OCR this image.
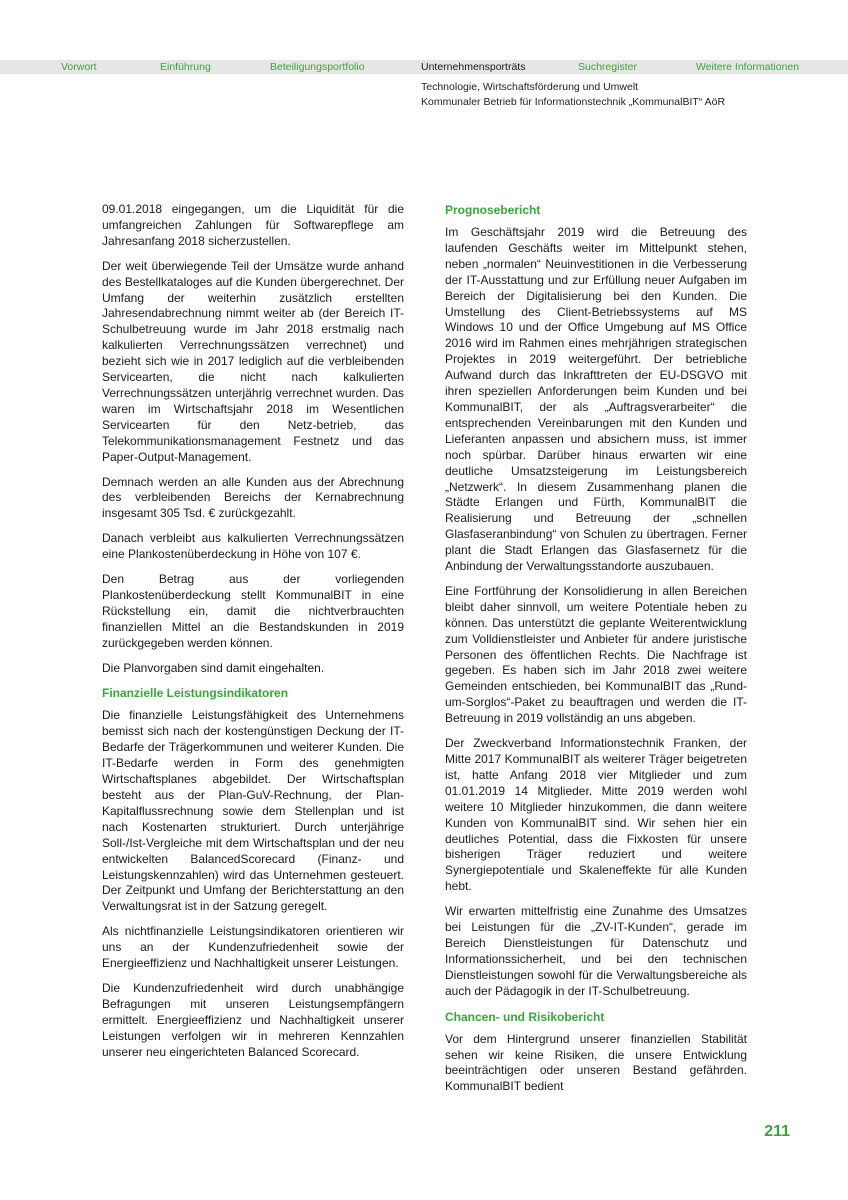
Vorwort	Einführung	Beteiligungsportfolio	Unternehmensporträts	Suchregister	Weitere Informationen
Technologie, Wirtschaftsförderung und Umwelt
Kommunaler Betrieb für Informationstechnik „KommunalBIT“ AöR

09.01.2018 eingegangen, um die Liquidität für die umfangreichen Zahlungen für Softwarepflege am Jahresanfang 2018 sicherzustellen.

Der weit überwiegende Teil der Umsätze wurde anhand des Bestellkataloges auf die Kunden übergerechnet. Der Umfang der weiterhin zusätzlich erstellten Jahresendabrechnung nimmt weiter ab (der Bereich IT-Schulbetreuung wurde im Jahr 2018 erstmalig nach kalkulierten Verrechnungssätzen verrechnet) und bezieht sich wie in 2017 lediglich auf die verbleibenden Servicearten, die nicht nach kalkulierten Verrechnungssätzen unterjährig verrechnet wurden. Das waren im Wirtschaftsjahr 2018 im Wesentlichen Servicearten für den Netz-betrieb, das Telekommunikationsmanagement Festnetz und das Paper-Output-Management.

Demnach werden an alle Kunden aus der Abrechnung des verbleibenden Bereichs der Kernabrechnung insgesamt 305 Tsd. € zurückgezahlt.

Danach verbleibt aus kalkulierten Verrechnungssätzen eine Plankostenüberdeckung in Höhe von 107 €.

Den Betrag aus der vorliegenden Plankostenüberdeckung stellt KommunalBIT in eine Rückstellung ein, damit die nichtverbrauchten finanziellen Mittel an die Bestandskunden in 2019 zurückgegeben werden können.

Die Planvorgaben sind damit eingehalten.

Finanzielle Leistungsindikatoren

Die finanzielle Leistungsfähigkeit des Unternehmens bemisst sich nach der kostengünstigen Deckung der IT-Bedarfe der Trägerkommunen und weiterer Kunden. Die IT-Bedarfe werden in Form des genehmigten Wirtschaftsplanes abgebildet. Der Wirtschaftsplan besteht aus der Plan-GuV-Rechnung, der Plan-Kapitalflussrechnung sowie dem Stellenplan und ist nach Kostenarten strukturiert. Durch unterjährige Soll-/Ist-Vergleiche mit dem Wirtschaftsplan und der neu entwickelten BalancedScorecard (Finanz- und Leistungskennzahlen) wird das Unternehmen gesteuert. Der Zeitpunkt und Umfang der Berichterstattung an den Verwaltungsrat ist in der Satzung geregelt.

Als nichtfinanzielle Leistungsindikatoren orientieren wir uns an der Kundenzufriedenheit sowie der Energieeffizienz und Nachhaltigkeit unserer Leistungen.

Die Kundenzufriedenheit wird durch unabhängige Befragungen mit unseren Leistungsempfängern ermittelt. Energieeffizienz und Nachhaltigkeit unserer Leistungen verfolgen wir in mehreren Kennzahlen unserer neu eingerichteten Balanced Scorecard.

Prognosebericht

Im Geschäftsjahr 2019 wird die Betreuung des laufenden Geschäfts weiter im Mittelpunkt stehen, neben „normalen“ Neuinvestitionen in die Verbesserung der IT-Ausstattung und zur Erfüllung neuer Aufgaben im Bereich der Digitalisierung bei den Kunden. Die Umstellung des Client-Betriebssystems auf MS Windows 10 und der Office Umgebung auf MS Office 2016 wird im Rahmen eines mehrjährigen strategischen Projektes in 2019 weitergeführt. Der betriebliche Aufwand durch das Inkrafttreten der EU-DSGVO mit ihren speziellen Anforderungen beim Kunden und bei KommunalBIT, der als „Auftragsverarbeiter“ die entsprechenden Vereinbarungen mit den Kunden und Lieferanten anpassen und absichern muss, ist immer noch spürbar. Darüber hinaus erwarten wir eine deutliche Umsatzsteigerung im Leistungsbereich „Netzwerk“. In diesem Zusammenhang planen die Städte Erlangen und Fürth, KommunalBIT die Realisierung und Betreuung der „schnellen Glasfaseranbindung“ von Schulen zu übertragen. Ferner plant die Stadt Erlangen das Glasfasernetz für die Anbindung der Verwaltungsstandorte auszubauen.

Eine Fortführung der Konsolidierung in allen Bereichen bleibt daher sinnvoll, um weitere Potentiale heben zu können. Das unterstützt die geplante Weiterentwicklung zum Volldienstleister und Anbieter für andere juristische Personen des öffentlichen Rechts. Die Nachfrage ist gegeben. Es haben sich im Jahr 2018 zwei weitere Gemeinden entschieden, bei KommunalBIT das „Rund-um-Sorglos“-Paket zu beauftragen und werden die IT-Betreuung in 2019 vollständig an uns abgeben.

Der Zweckverband Informationstechnik Franken, der Mitte 2017 KommunalBIT als weiterer Träger beigetreten ist, hatte Anfang 2018 vier Mitglieder und zum 01.01.2019 14 Mitglieder. Mitte 2019 werden wohl weitere 10 Mitglieder hinzukommen, die dann weitere Kunden von KommunalBIT sind. Wir sehen hier ein deutliches Potential, dass die Fixkosten für unsere bisherigen Träger reduziert und weitere Synergiepotentiale und Skaleneffekte für alle Kunden hebt.

Wir erwarten mittelfristig eine Zunahme des Umsatzes bei Leistungen für die „ZV-IT-Kunden“, gerade im Bereich Dienstleistungen für Datenschutz und Informationssicherheit, und bei den technischen Dienstleistungen sowohl für die Verwaltungsbereiche als auch der Pädagogik in der IT-Schulbetreuung.

Chancen- und Risikobericht

Vor dem Hintergrund unserer finanziellen Stabilität sehen wir keine Risiken, die unsere Entwicklung beeinträchtigen oder unseren Bestand gefährden. KommunalBIT bedient

211
